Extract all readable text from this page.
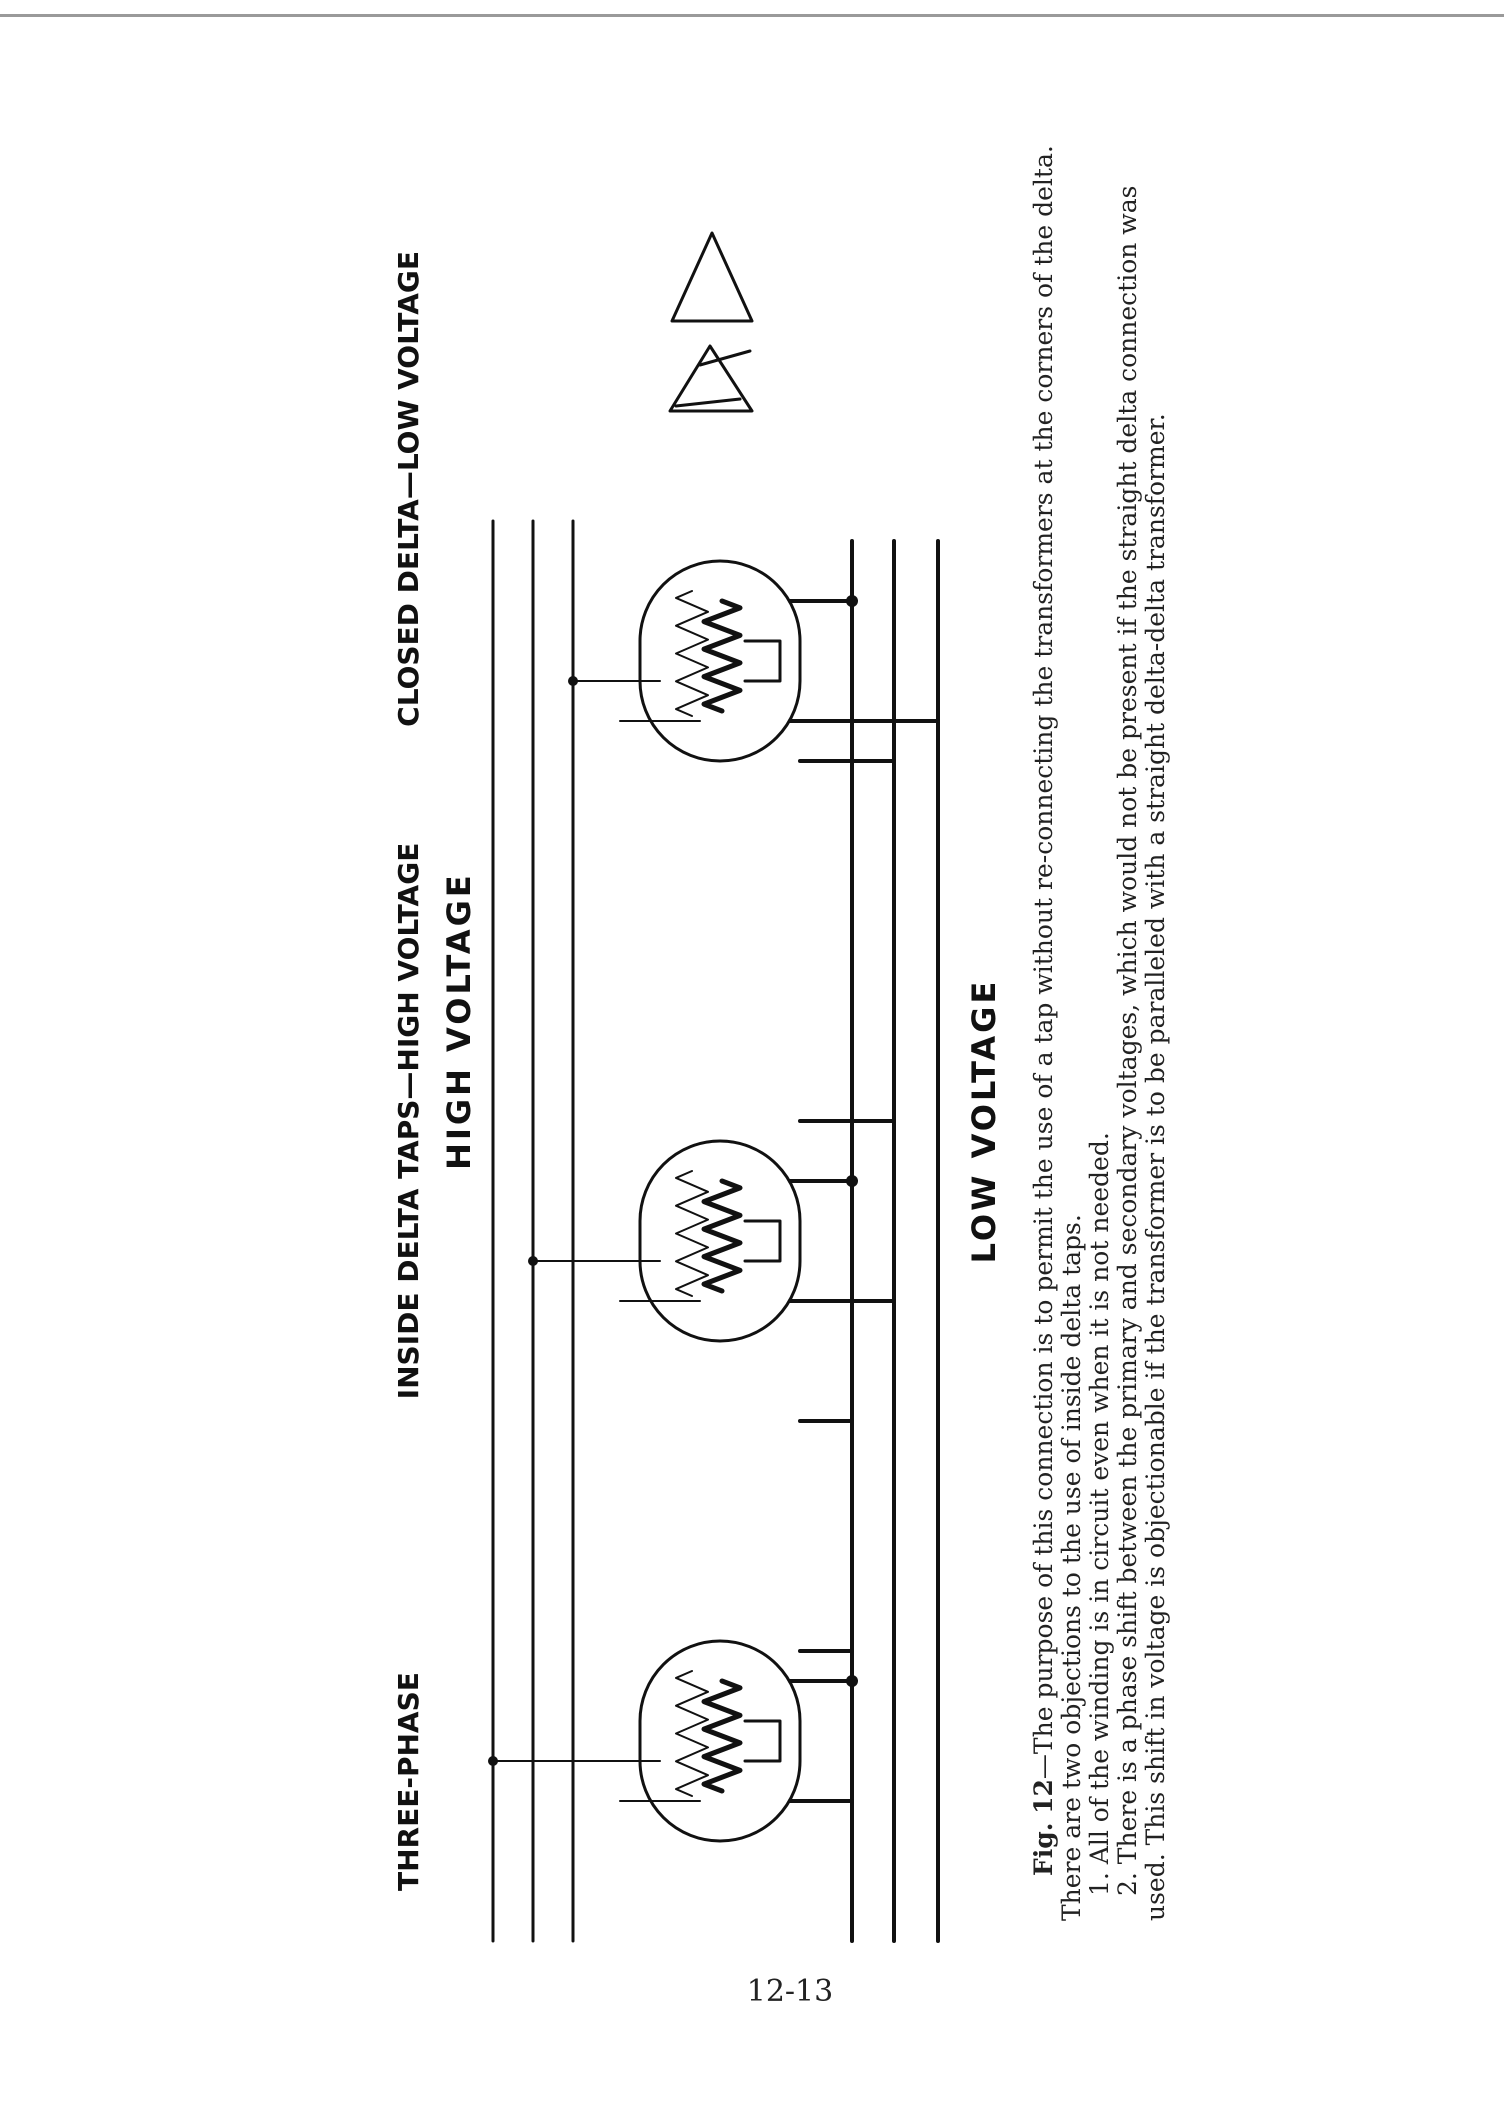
THREE-PHASE
INSIDE DELTA TAPS—HIGH VOLTAGE
CLOSED DELTA—LOW VOLTAGE
HIGH VOLTAGE	LOW VOLTAGE
Fig. 12—The purpose of this connection is to permit the use of a tap without re-connecting the transformers at the corners of the delta. There are two objections to the use of inside delta taps. 1. All of the winding is in circuit even when it is not needed. 2. There is a phase shift between the primary and secondary voltages, which would not be present if the straight delta connection was used. This shift in voltage is objectionable if the transformer is to be paralleled with a straight delta-delta transformer.
12-13
